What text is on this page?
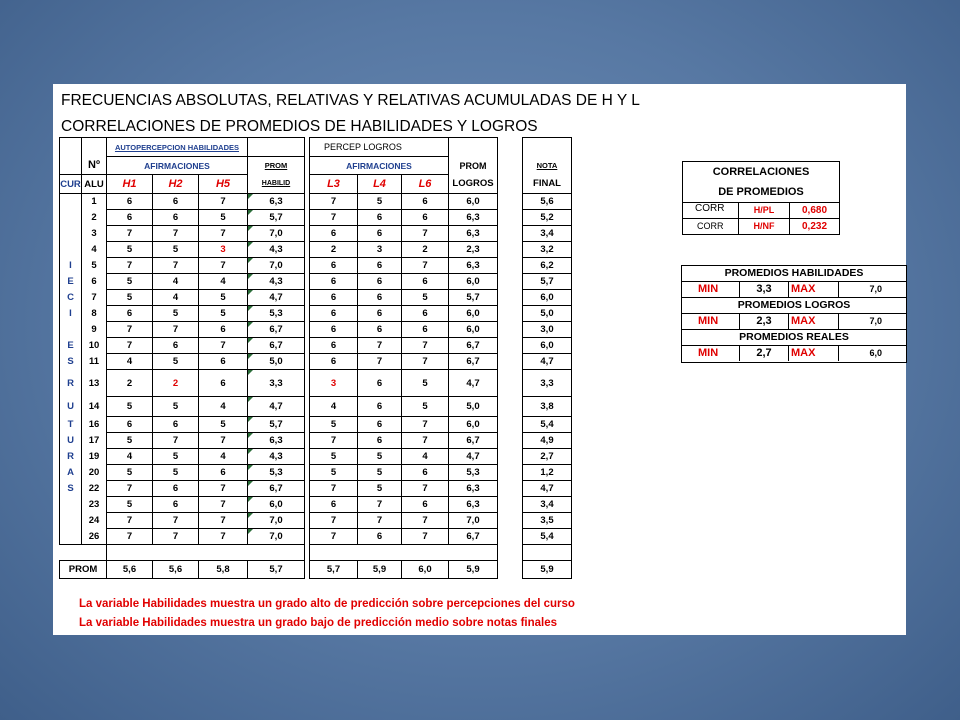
FRECUENCIAS ABSOLUTAS, RELATIVAS Y RELATIVAS ACUMULADAS DE H Y L
CORRELACIONES DE PROMEDIOS DE HABILIDADES Y LOGROS
		AUTOPERCEPCION HABILIDADES					PERCEP LOGROS					
	Nº	AFIRMACIONES			PROM		AFIRMACIONES			PROM		NOTA
CUR	ALU	H1	H2	H5	HABILID		L3	L4	L6	LOGROS		FINAL
	1	6	6	7	6,3		7	5	6	6,0		5,6
	2	6	6	5	5,7		7	6	6	6,3		5,2
	3	7	7	7	7,0		6	6	7	6,3		3,4
	4	5	5	3	4,3		2	3	2	2,3		3,2
I	5	7	7	7	7,0		6	6	7	6,3		6,2
E	6	5	4	4	4,3		6	6	6	6,0		5,7
C	7	5	4	5	4,7		6	6	5	5,7		6,0
I	8	6	5	5	5,3		6	6	6	6,0		5,0
	9	7	7	6	6,7		6	6	6	6,0		3,0
E	10	7	6	7	6,7		6	7	7	6,7		6,0
S	11	4	5	6	5,0		6	7	7	6,7		4,7
R	13	2	2	6	3,3		3	6	5	4,7		3,3
U	14	5	5	4	4,7		4	6	5	5,0		3,8
T	16	6	6	5	5,7		5	6	7	6,0		5,4
U	17	5	7	7	6,3		7	6	7	6,7		4,9
R	19	4	5	4	4,3		5	5	4	4,7		2,7
A	20	5	5	6	5,3		5	5	6	5,3		1,2
S	22	7	6	7	6,7		7	5	7	6,3		4,7
	23	5	6	7	6,0		6	7	6	6,3		3,4
	24	7	7	7	7,0		7	7	7	7,0		3,5
	26	7	7	7	7,0		7	6	7	6,7		5,4

PROM		5,6	5,6	5,8	5,7		5,7	5,9	6,0	5,9		5,9
CORRELACIONES
DE PROMEDIOS
CORR	H/PL	0,680
CORR	H/NF	0,232
PROMEDIOS HABILIDADES
MIN	3,3	MAX	7,0
PROMEDIOS LOGROS
MIN	2,3	MAX	7,0
PROMEDIOS REALES
MIN	2,7	MAX	6,0
La variable Habilidades muestra un grado alto de predicción sobre percepciones del curso
La variable Habilidades muestra un grado bajo de predicción medio sobre notas finales
